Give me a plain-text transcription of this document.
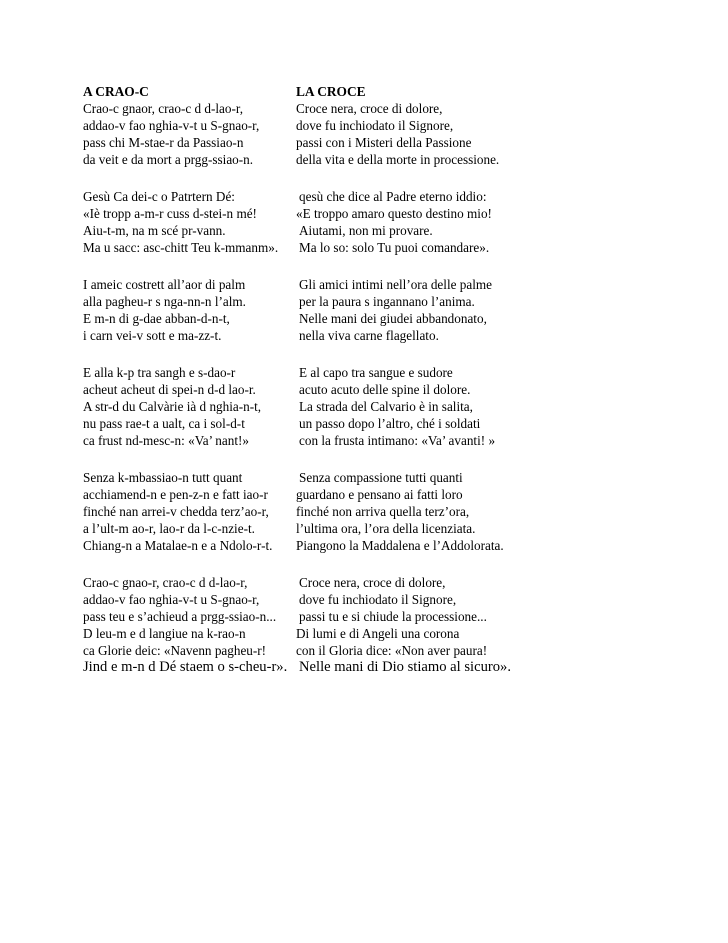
A CRAO-C
Crao-c gnaor, crao-c d d-lao-r,
addao-v fao nghia-v-t u S-gnao-r,
pass chi M-stae-r da Passiao-n
da veit e da mort a prgg-ssiao-n.
Gesù Ca dei-c o Patrtern Dé:
«Iè tropp a-m-r cuss d-stei-n mé!
Aiu-t-m, na m scé pr-vann.
Ma u sacc: asc-chitt Teu k-mmanm».
I ameic costrett all’aor di palm
alla pagheu-r s nga-nn-n l’alm.
E m-n di g-dae abban-d-n-t,
i carn vei-v sott e ma-zz-t.
E alla k-p tra sangh e s-dao-r
acheut acheut di spei-n d-d lao-r.
A str-d du Calvàrie ià d nghia-n-t,
nu pass rae-t a ualt, ca i sol-d-t
ca frust nd-mesc-n: «Va’ nant!»
Senza k-mbassiao-n tutt quant
acchiamend-n e pen-z-n e fatt iao-r
finché nan arrei-v chedda terz’ao-r,
a l’ult-m ao-r, lao-r da l-c-nzie-t.
Chiang-n a Matalae-n e a Ndolo-r-t.
Crao-c gnao-r, crao-c d d-lao-r,
addao-v fao nghia-v-t u S-gnao-r,
pass teu e s’achieud a prgg-ssiao-n...
D leu-m e d langiue na k-rao-n
ca Glorie deic: «Navenn pagheu-r!
Jind e m-n d Dé staem o s-cheu-r».
LA CROCE
Croce nera, croce di dolore,
dove fu inchiodato il Signore,
passi con i Misteri della Passione
della vita e della morte in processione.
qesù che dice al Padre eterno iddio:
«E troppo amaro questo destino mio!
Aiutami, non mi provare.
Ma lo so: solo Tu puoi comandare».
Gli amici intimi nell’ora delle palme
per la paura s ingannano l’anima.
Nelle mani dei giudei abbandonato,
nella viva carne flagellato.
E al capo tra sangue e sudore
acuto acuto delle spine il dolore.
La strada del Calvario è in salita,
un passo dopo l’altro, ché i soldati
con la frusta intimano: «Va’ avanti! »
Senza compassione tutti quanti
guardano e pensano ai fatti loro
finché non arriva quella terz’ora,
l’ultima ora, l’ora della licenziata.
Piangono la Maddalena e l’Addolorata.
Croce nera, croce di dolore,
dove fu inchiodato il Signore,
passi tu e si chiude la processione...
Di lumi e di Angeli una corona
con il Gloria dice: «Non aver paura!
Nelle mani di Dio stiamo al sicuro».
